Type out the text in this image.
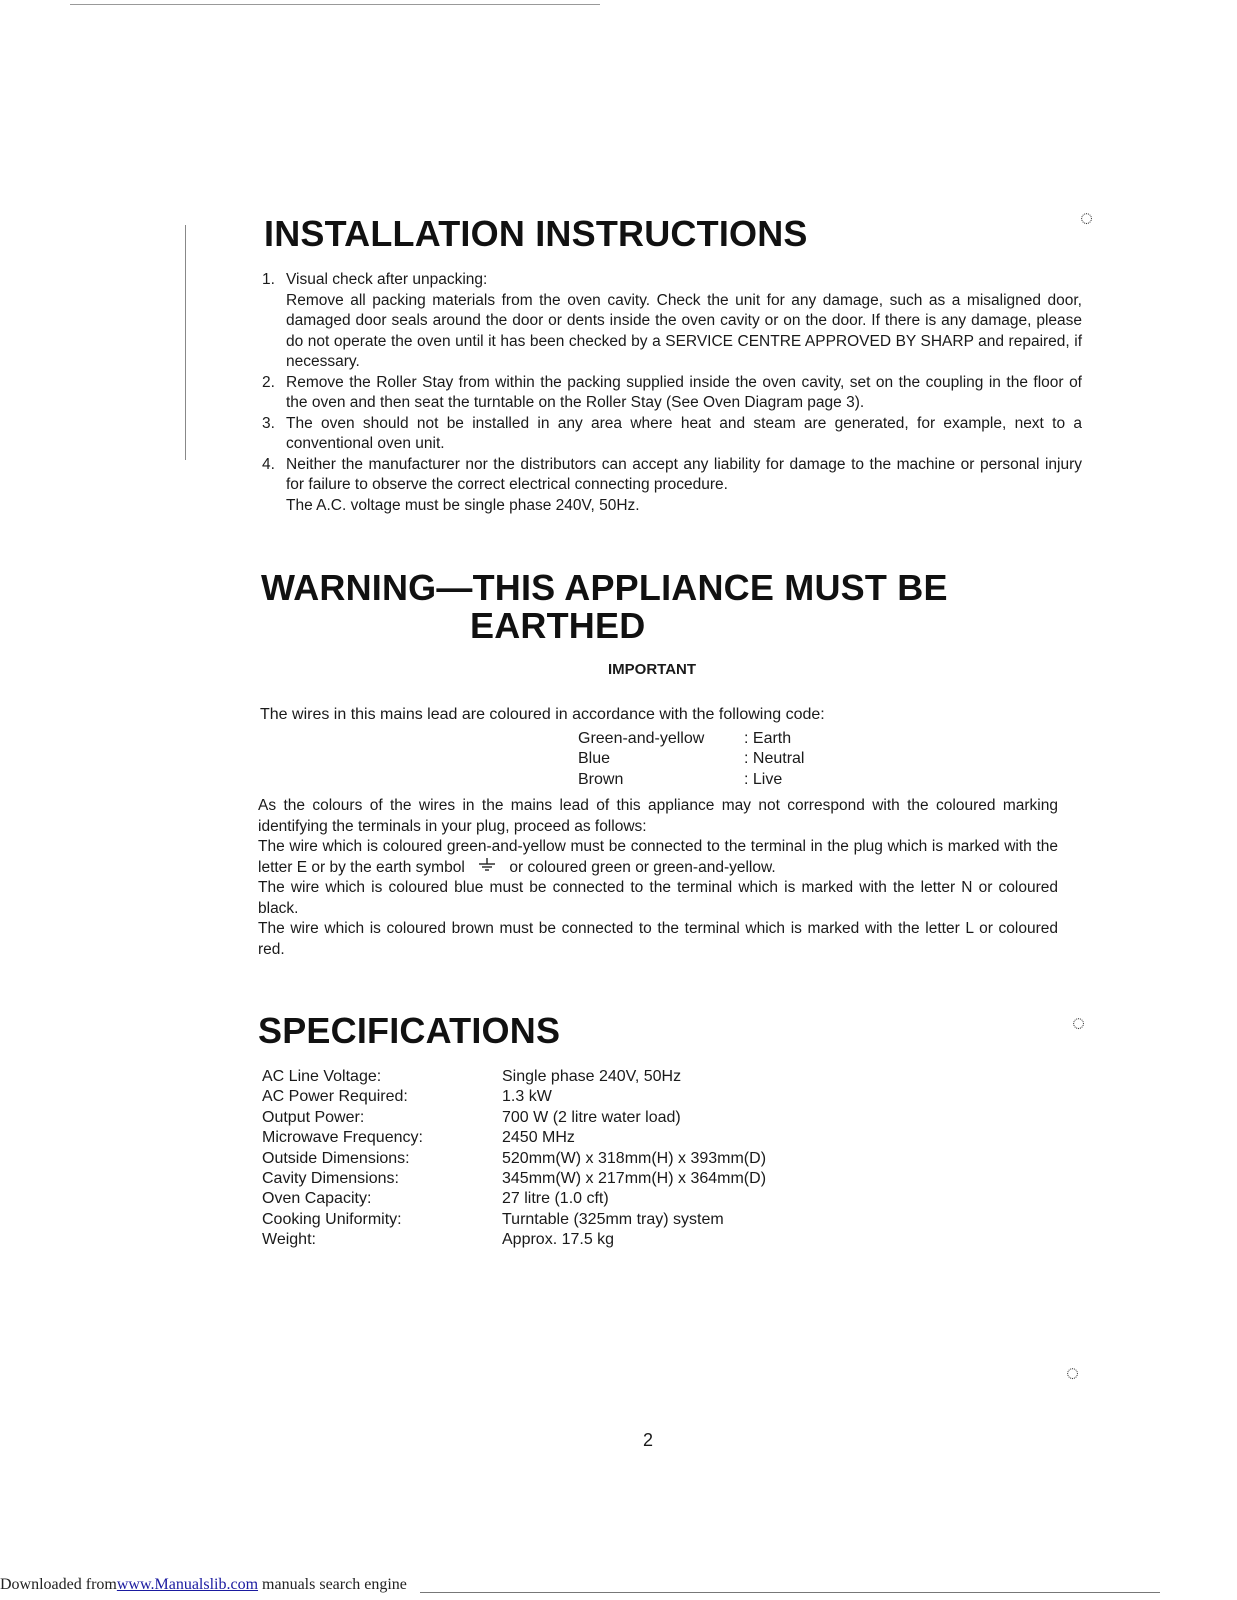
◌
◌
◌
INSTALLATION INSTRUCTIONS
1. Visual check after unpacking:

Remove all packing materials from the oven cavity. Check the unit for any damage, such as a misaligned door, damaged door seals around the door or dents inside the oven cavity or on the door. If there is any damage, please do not operate the oven until it has been checked by a SERVICE CENTRE APPROVED BY SHARP and repaired, if necessary.

2. Remove the Roller Stay from within the packing supplied inside the oven cavity, set on the coupling in the floor of the oven and then seat the turntable on the Roller Stay (See Oven Diagram page 3).

3. The oven should not be installed in any area where heat and steam are generated, for example, next to a conventional oven unit.

4. Neither the manufacturer nor the distributors can accept any liability for damage to the machine or personal injury for failure to observe the correct electrical connecting procedure.

The A.C. voltage must be single phase 240V, 50Hz.

WARNING—THIS APPLIANCE MUST BE
EARTHED
IMPORTANT
The wires in this mains lead are coloured in accordance with the following code:
Green-and-yellow : Earth
Blue	: Neutral
Brown	: Live

As the colours of the wires in the mains lead of this appliance may not correspond with the coloured marking identifying the terminals in your plug, proceed as follows:

The wire which is coloured green-and-yellow must be connected to the terminal in the plug which is marked with the letter E or by the earth symbol	or coloured green or green-and-yellow.

The wire which is coloured blue must be connected to the terminal which is marked with the letter N or coloured black.

The wire which is coloured brown must be connected to the terminal which is marked with the letter L or coloured red.

SPECIFICATIONS
AC Line Voltage:	Single phase 240V, 50Hz
AC Power Required:	1.3 kW
Output Power:	700 W (2 litre water load)
Microwave Frequency:	2450 MHz
Outside Dimensions:	520mm(W) x 318mm(H) x 393mm(D)
Cavity Dimensions:	345mm(W) x 217mm(H) x 364mm(D)
Oven Capacity:	27 litre (1.0 cft)
Cooking Uniformity:	Turntable (325mm tray) system
Weight:	Approx. 17.5 kg
2
Downloaded fromwww.Manualslib.com manuals search engine
